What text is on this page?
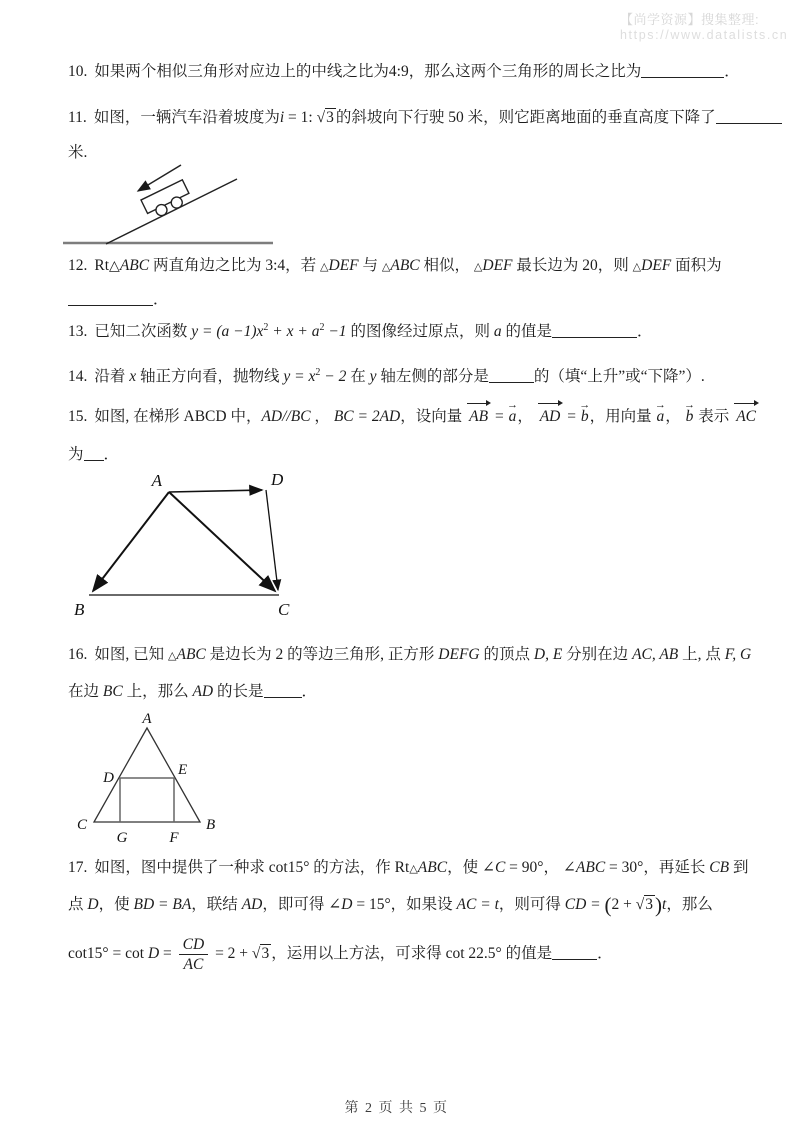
【尚学资源】搜集整理:
https://www.datalists.cn
10. 如果两个相似三角形对应边上的中线之比为4:9，那么这两个三角形的周长之比为	．
11. 如图，一辆汽车沿着坡度为i = 1: √3 的斜坡向下行驶 50 米，则它距离地面的垂直高度下降了
米.
12. Rt△ABC 两直角边之比为 3:4，若 △DEF 与 △ABC 相似， △DEF 最长边为 20，则 △DEF 面积为
．
13. 已知二次函数 $y = (a -1)x^2 + x + a^2 -1$ 的图像经过原点，则 a 的值是	．
14. 沿着 x 轴正方向看，抛物线 $y = x^2 - 2$ 在 y 轴左侧的部分是	的（填“上升”或“下降”）.
15. 如图, 在梯形 ABCD 中，AD//BC ， BC = 2AD，设向量
AB =
→
a，
AD =
→
b，用向量
→
a，
→
b 表示
AC
为 ．
A	D
B	C
16. 如图, 已知 △ABC 是边长为 2 的等边三角形, 正方形 DEFG 的顶点 D, E 分别在边 AC, AB 上, 点 F, G
在边 BC 上，那么 AD 的长是 ．
A
D	E
C	B
G	F
17. 如图，图中提供了一种求 cot15° 的方法，作 Rt△ABC，使 ∠C = 90°， ∠ABC = 30°，再延长 CB 到
点 D，使 BD = BA，联结 AD，即可得 ∠D = 15°，如果设 AC = t，则可得 CD = (2 + √3)t，那么
$\cot 15^\circ = \cot D = \frac{CD}{AC} = 2 + √3$ ，运用以上方法，可求得 cot 22.5° 的值是	．
第 2 页 共 5 页
